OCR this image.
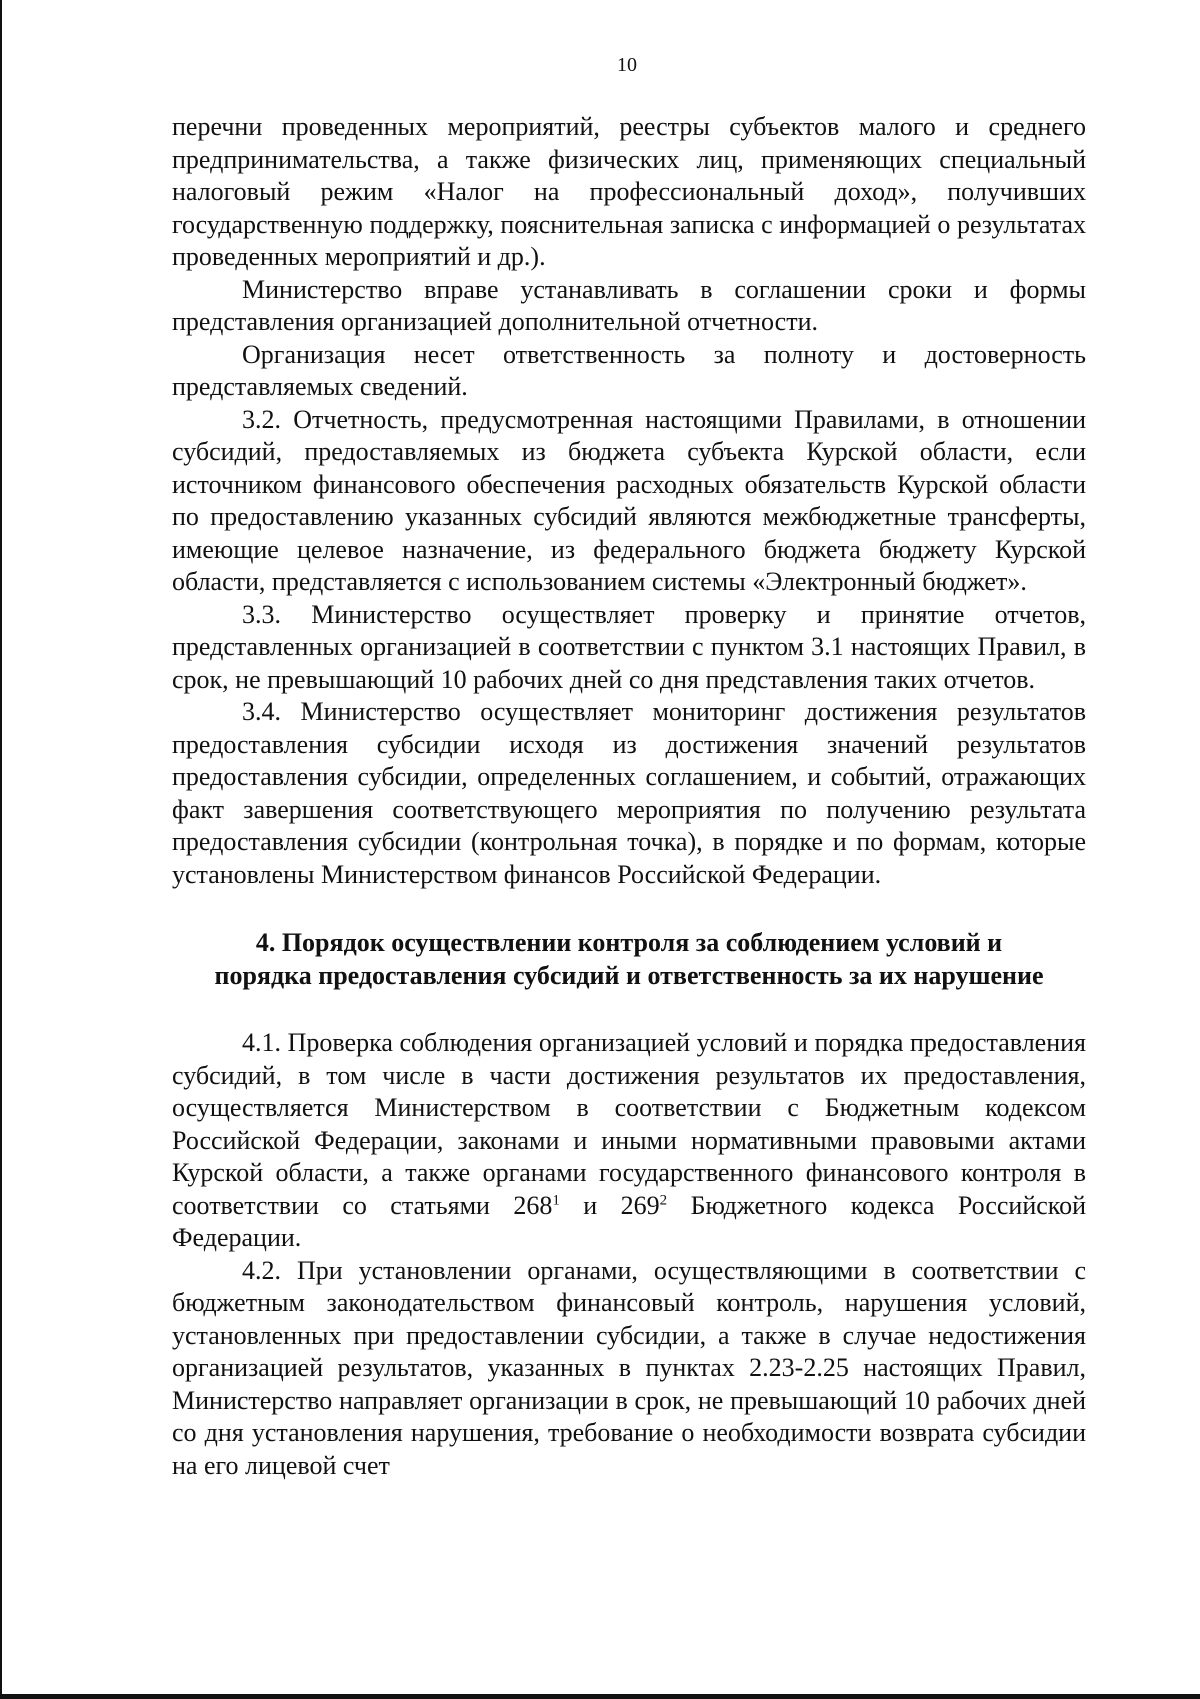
10

перечни проведенных мероприятий, реестры субъектов малого и среднего предпринимательства, а также физических лиц, применяющих специальный налоговый режим «Налог на профессиональный доход», получивших государственную поддержку, пояснительная записка с информацией о результатах проведенных мероприятий и др.).

Министерство вправе устанавливать в соглашении сроки и формы представления организацией дополнительной отчетности.

Организация несет ответственность за полноту и достоверность представляемых сведений.

3.2. Отчетность, предусмотренная настоящими Правилами, в отношении субсидий, предоставляемых из бюджета субъекта Курской области, если источником финансового обеспечения расходных обязательств Курской области по предоставлению указанных субсидий являются межбюджетные трансферты, имеющие целевое назначение, из федерального бюджета бюджету Курской области, представляется с использованием системы «Электронный бюджет».

3.3. Министерство осуществляет проверку и принятие отчетов, представленных организацией в соответствии с пунктом 3.1 настоящих Правил, в срок, не превышающий 10 рабочих дней со дня представления таких отчетов.

3.4. Министерство осуществляет мониторинг достижения результатов предоставления субсидии исходя из достижения значений результатов предоставления субсидии, определенных соглашением, и событий, отражающих факт завершения соответствующего мероприятия по получению результата предоставления субсидии (контрольная точка), в порядке и по формам, которые установлены Министерством финансов Российской Федерации.

4. Порядок осуществлении контроля за соблюдением условий и
порядка предоставления субсидий и ответственность за их нарушение

4.1. Проверка соблюдения организацией условий и порядка предоставления субсидий, в том числе в части достижения результатов их предоставления, осуществляется Министерством в соответствии с Бюджетным кодексом Российской Федерации, законами и иными нормативными правовыми актами Курской области, а также органами государственного финансового контроля в соответствии со статьями $268^1$ и $269^2$ Бюджетного кодекса Российской Федерации.

4.2. При установлении органами, осуществляющими в соответствии с бюджетным законодательством финансовый контроль, нарушения условий, установленных при предоставлении субсидии, а также в случае недостижения организацией результатов, указанных в пунктах 2.23-2.25 настоящих Правил, Министерство направляет организации в срок, не превышающий 10 рабочих дней со дня установления нарушения, требование о необходимости возврата субсидии на его лицевой счет
